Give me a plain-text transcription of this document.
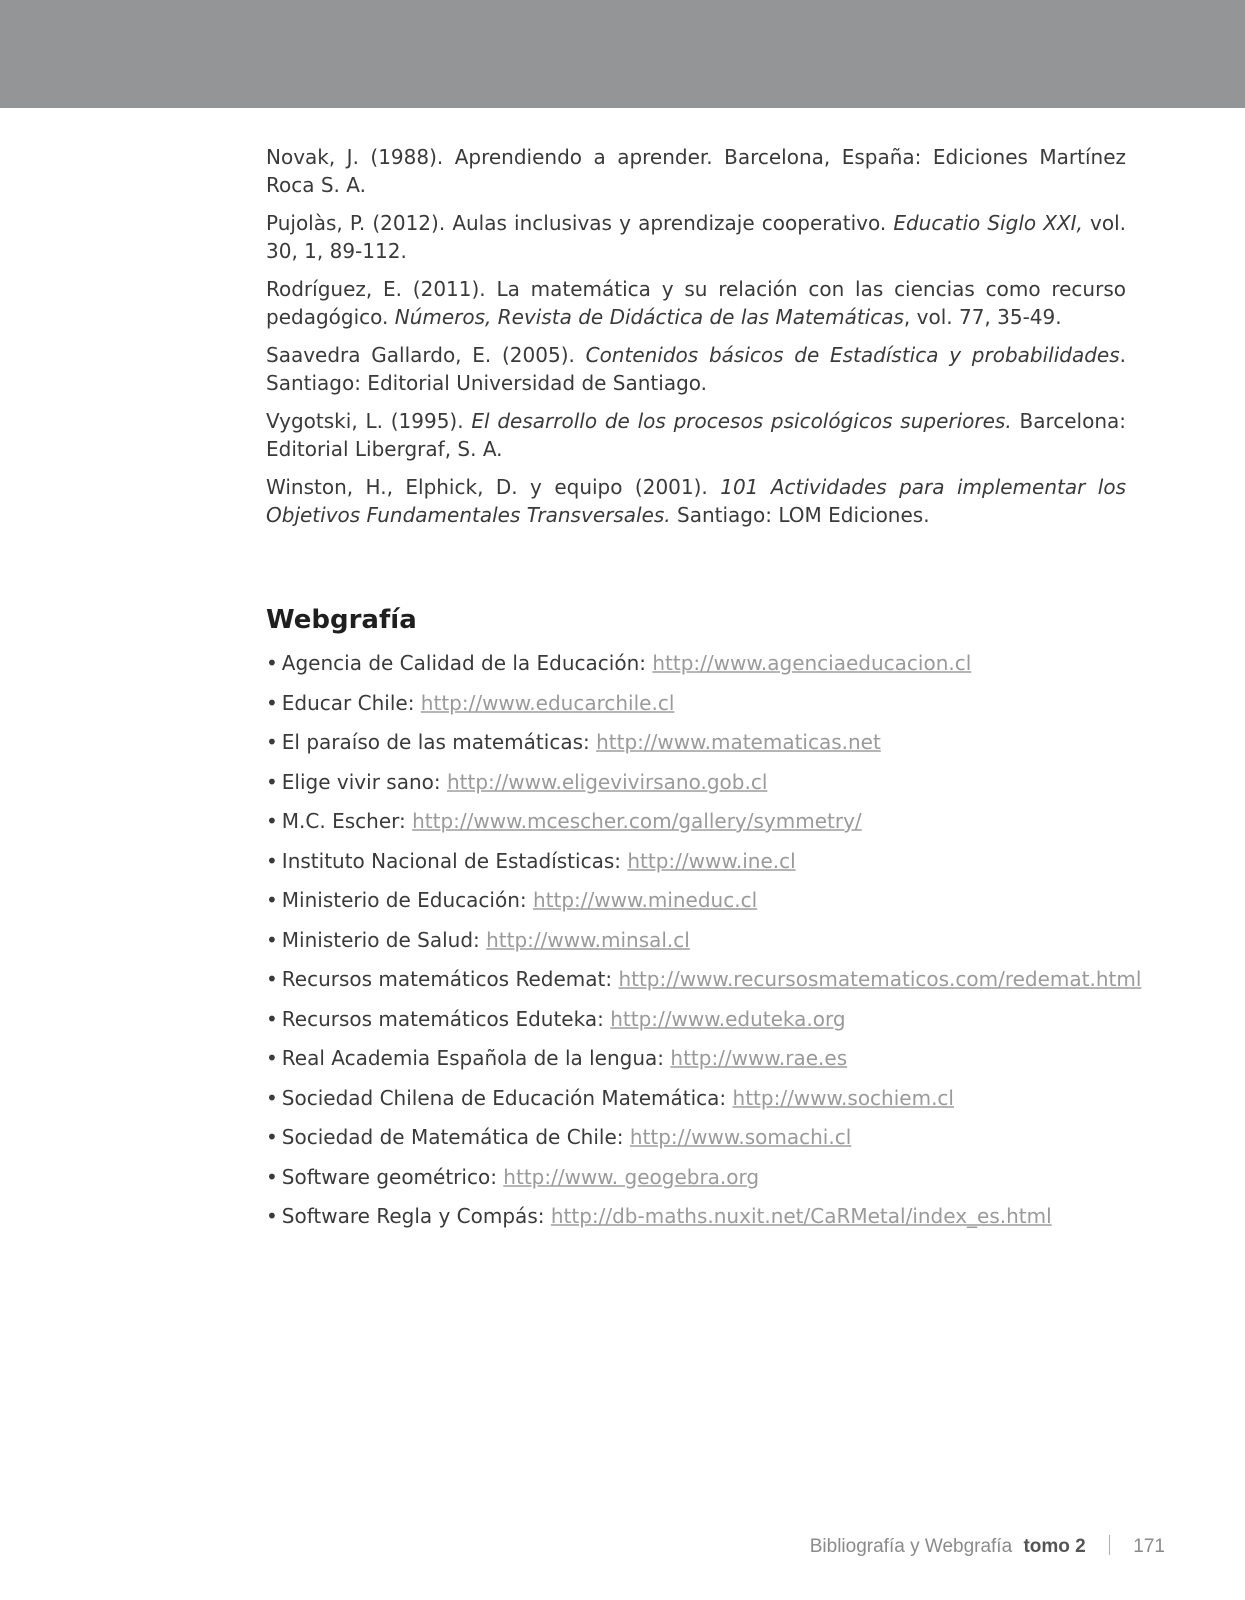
Novak, J. (1988). Aprendiendo a aprender. Barcelona, España: Ediciones Martínez Roca S. A.

Pujolàs, P. (2012). Aulas inclusivas y aprendizaje cooperativo. Educatio Siglo XXI, vol. 30, 1, 89-112.

Rodríguez, E. (2011). La matemática y su relación con las ciencias como recurso pedagógico. Números, Revista de Didáctica de las Matemáticas, vol. 77, 35-49.

Saavedra Gallardo, E. (2005). Contenidos básicos de Estadística y probabilidades. Santiago: Editorial Universidad de Santiago.

Vygotski, L. (1995). El desarrollo de los procesos psicológicos superiores. Barcelona: Editorial Libergraf, S. A.

Winston, H., Elphick, D. y equipo (2001). 101 Actividades para implementar los Objetivos Fundamentales Transversales. Santiago: LOM Ediciones.

Webgrafía
• Agencia de Calidad de la Educación: http://www.agenciaeducacion.cl
• Educar Chile: http://www.educarchile.cl
• El paraíso de las matemáticas: http://www.matematicas.net
• Elige vivir sano: http://www.eligevivirsano.gob.cl
• M.C. Escher: http://www.mcescher.com/gallery/symmetry/
• Instituto Nacional de Estadísticas: http://www.ine.cl
• Ministerio de Educación: http://www.mineduc.cl
• Ministerio de Salud: http://www.minsal.cl
• Recursos matemáticos Redemat: http://www.recursosmatematicos.com/redemat.html
• Recursos matemáticos Eduteka: http://www.eduteka.org
• Real Academia Española de la lengua: http://www.rae.es
• Sociedad Chilena de Educación Matemática: http://www.sochiem.cl
• Sociedad de Matemática de Chile: http://www.somachi.cl
• Software geométrico: http://www. geogebra.org
• Software Regla y Compás: http://db-maths.nuxit.net/CaRMetal/index_es.html
Bibliografía y Webgrafía tomo 2	171
